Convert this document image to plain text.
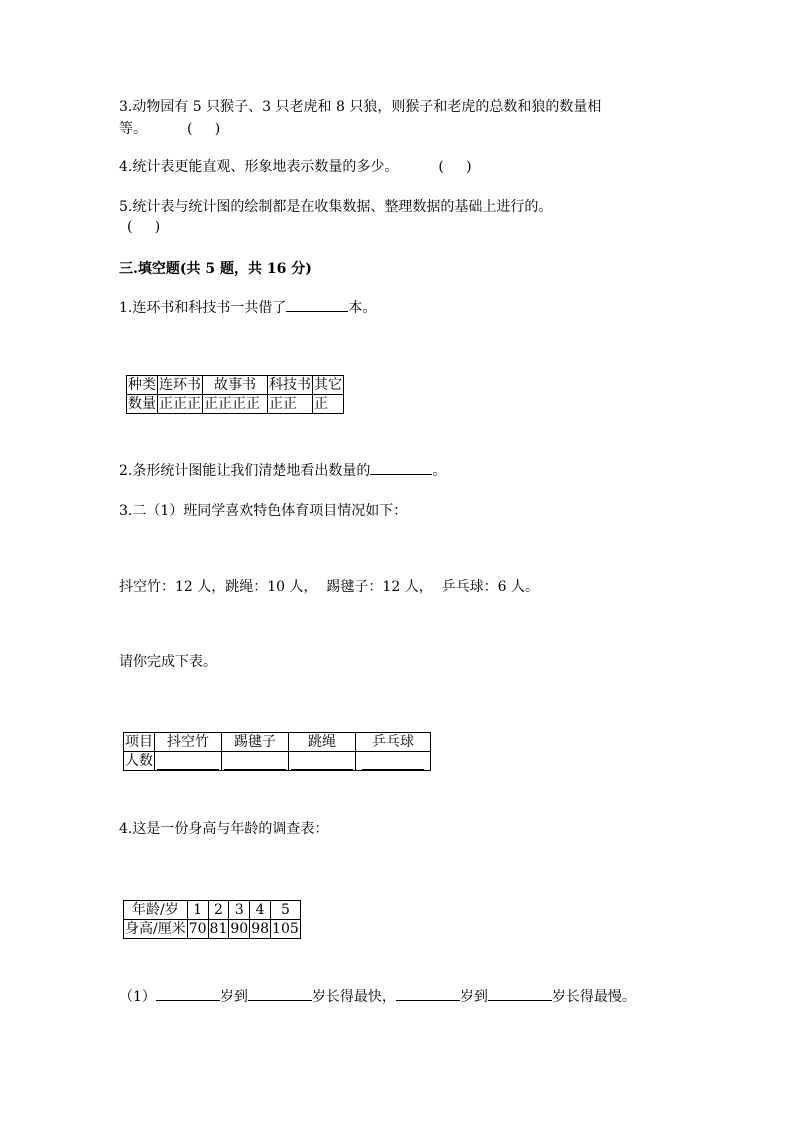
3.动物园有 5 只猴子、3 只老虎和 8 只狼，则猴子和老虎的总数和狼的数量相
等。	(     )
4.统计表更能直观、形象地表示数量的多少。	(     )
5.统计表与统计图的绘制都是在收集数据、整理数据的基础上进行的。
(     )
三.填空题(共 5 题，共 16 分)
1.连环书和科技书一共借了	本。
种类	连环书	故事书	科技书	其它
数量	正正正	正正正正	正正	正
2.条形统计图能让我们清楚地看出数量的	。
3.二（1）班同学喜欢特色体育项目情况如下：
抖空竹：12 人，跳绳：10 人，  踢毽子：12 人，  乒乓球：6 人。
请你完成下表。
项目	抖空竹	踢毽子	跳绳	乒乓球
人数				
4.这是一份身高与年龄的调查表：
年龄/岁	1	2	3	4	5
身高/厘米	70	81	90	98	105
（1）	岁到	岁长得最快，	岁到	岁长得最慢。
